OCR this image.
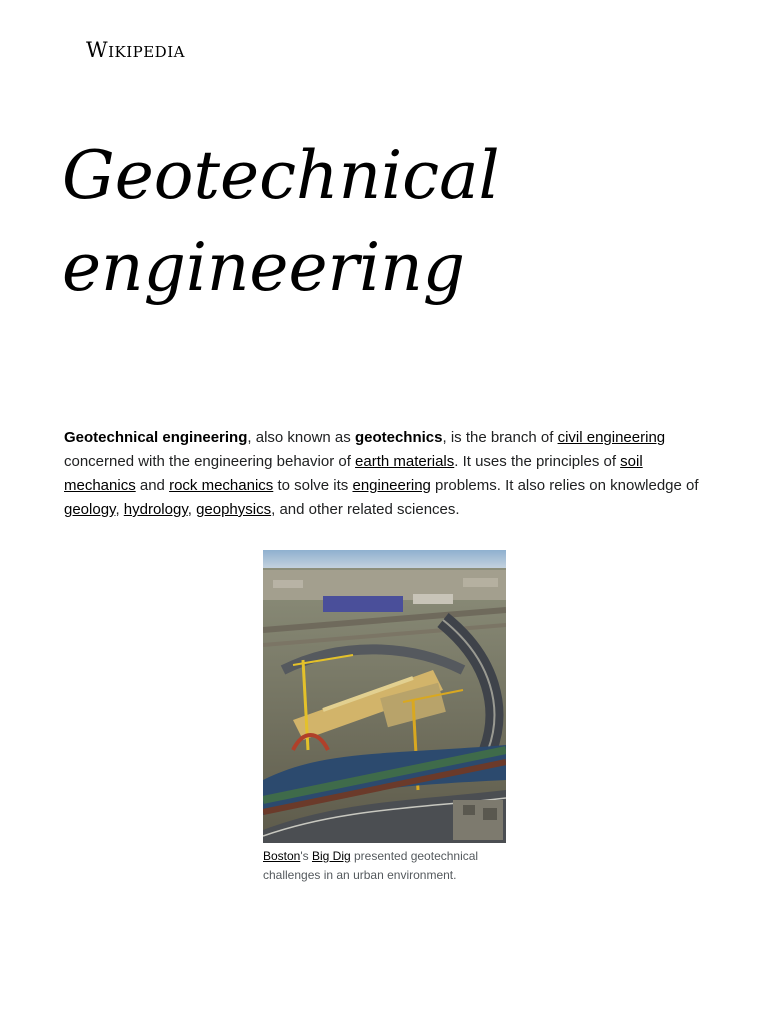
Wikipedia
Geotechnical
engineering

Geotechnical engineering, also known as geotechnics, is the branch of civil engineering concerned with the engineering behavior of earth materials. It uses the principles of soil mechanics and rock mechanics to solve its engineering problems. It also relies on knowledge of geology, hydrology, geophysics, and other related sciences.

Boston's Big Dig presented geotechnical challenges in an urban environment.
